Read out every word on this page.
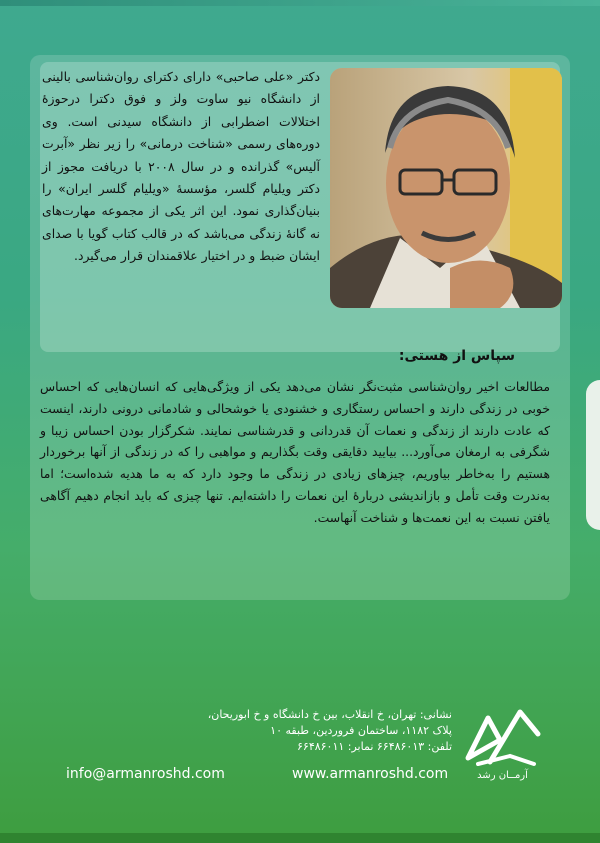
دکتر «علی صاحبی» دارای دکترای روان‌شناسی بالینی از دانشگاه نیو ساوت ولز و فوق دکترا درحوزۀ اختلالات اضطرابی از دانشگاه سیدنی است. وی دوره‌های رسمی «شناخت درمانی» را زیر نظر «آبرت آلیس» گذرانده و در سال ۲۰۰۸ با دریافت مجوز از دکتر ویلیام گلسر، مؤسسۀ «ویلیام گلسر ایران» را بنیان‌گذاری نمود. این اثر یکی از مجموعه مهارت‌های نه گانۀ زندگی می‌باشد که در قالب کتاب گویا با صدای ایشان ضبط و در اختیار علاقمندان قرار می‌گیرد.
سپاس از هستی:
مطالعات اخیر روان‌شناسی مثبت‌نگر نشان می‌دهد یکی از ویژگی‌هایی که انسان‌هایی که احساس خوبی در زندگی دارند و احساس رستگاری و خشنودی یا خوشحالی و شادمانی درونی دارند، اینست که عادت دارند از زندگی و نعمات آن قدردانی و قدرشناسی نمایند. شکرگزار بودن احساس زیبا و شگرفی به ارمغان می‌آورد... بیایید دقایقی وقت بگذاریم و مواهبی را که در زندگی از آنها برخوردار هستیم را به‌خاطر بیاوریم، چیزهای زیادی در زندگی ما وجود دارد که به ما هدیه شده‌است؛ اما به‌ندرت وقت تأمل و بازاندیشی دربارۀ این نعمات را داشته‌ایم. تنها چیزی که باید انجام دهیم آگاهی یافتن نسبت به این نعمت‌ها و شناخت آنهاست.
نشانی: تهران، خ انقلاب، بین خ دانشگاه و خ ابوریحان،
پلاک ۱۱۸۲، ساختمان فروردین، طبقه ۱۰
تلفن: ۶۶۴۸۶۰۱۳ نمابر: ۶۶۴۸۶۰۱۱
www.armanroshd.com
info@armanroshd.com	آرمــان رشد
